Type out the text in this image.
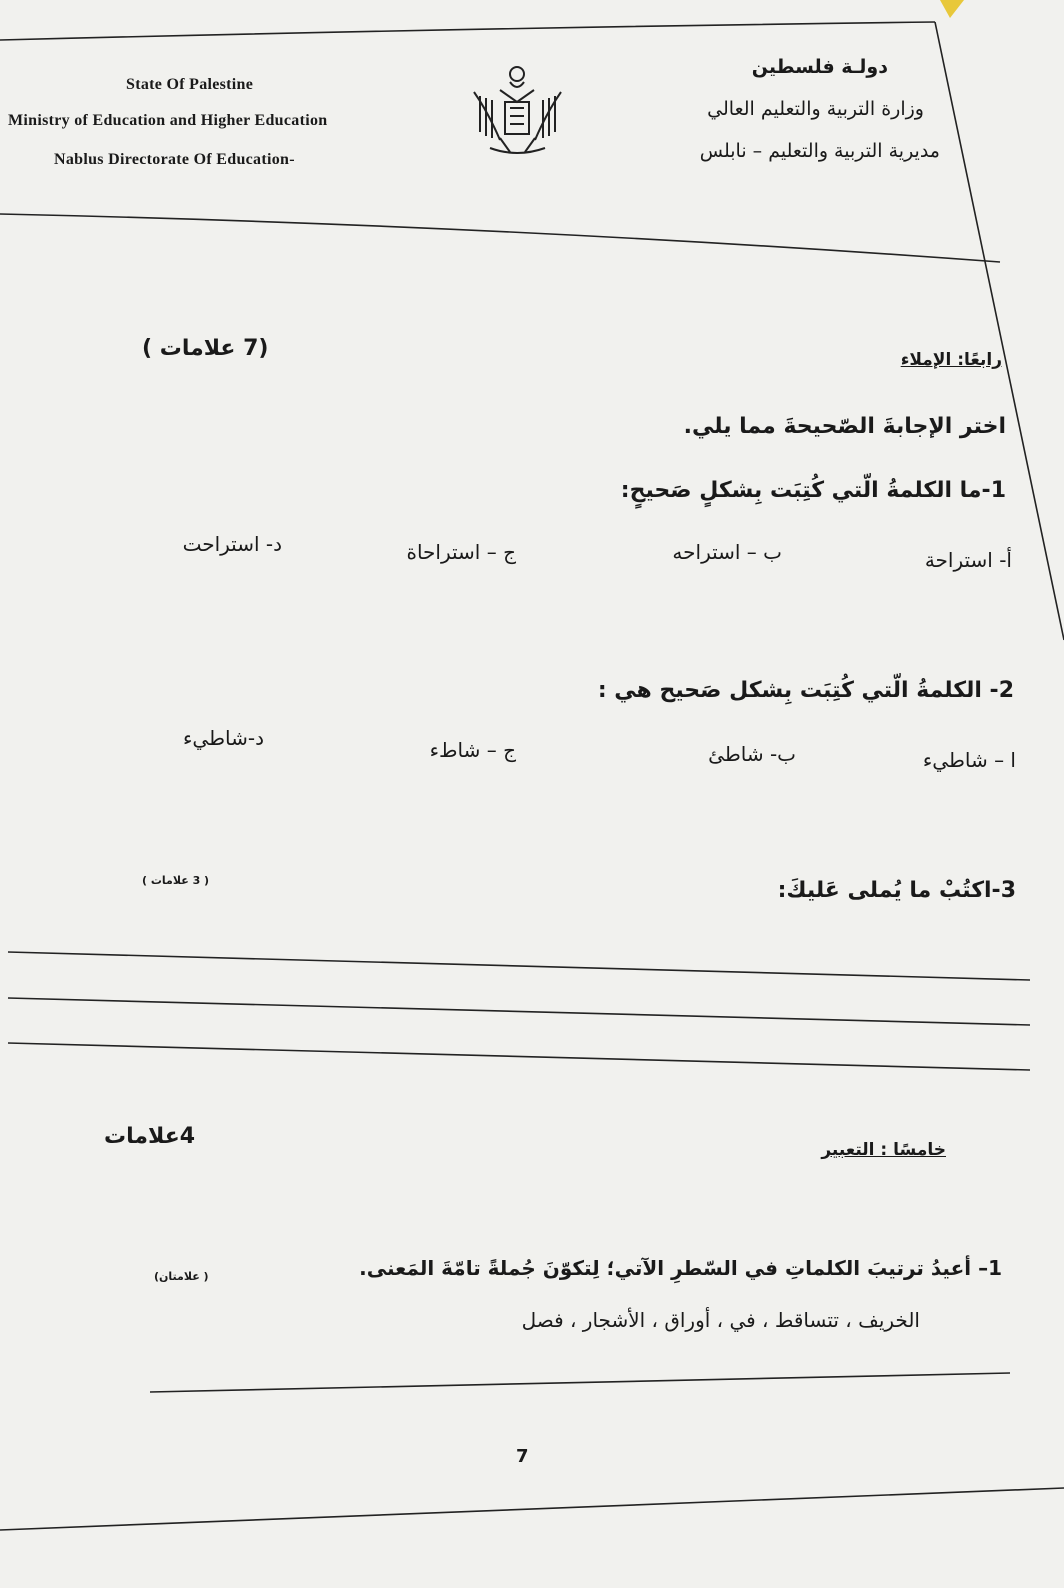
State Of Palestine
Ministry of Education and Higher Education
Nablus Directorate Of Education-
دولـة فلسطين
وزارة التربية والتعليم العالي
مديرية التربية والتعليم – نابلس
(7 علامات )	رابعًا: الإملاء
اختر الإجابةَ الصّحيحةَ مما يلي.
1-ما الكلمةُ الّتي كُتِبَت بِشكلٍ صَحيحٍ:
أ- استراحة
ب – استراحه
ج – استراحاة
د- استراحت
2- الكلمةُ الّتي كُتِبَت بِشكل صَحيح هي :
ا – شاطيء
ب- شاطئ
ج – شاطء
د-شاطيء
( 3 علامات )	3-اكتُبْ ما يُملى عَليكَ:
4علامات
خامسًا : التعبير
( علامتان)	1– أعيدُ ترتيبَ الكلماتِ في السّطرِ الآتي؛ لِتكوّنَ جُملةً تامّةَ المَعنى.
الخريف ، تتساقط ، في ، أوراق ، الأشجار ، فصل
7
